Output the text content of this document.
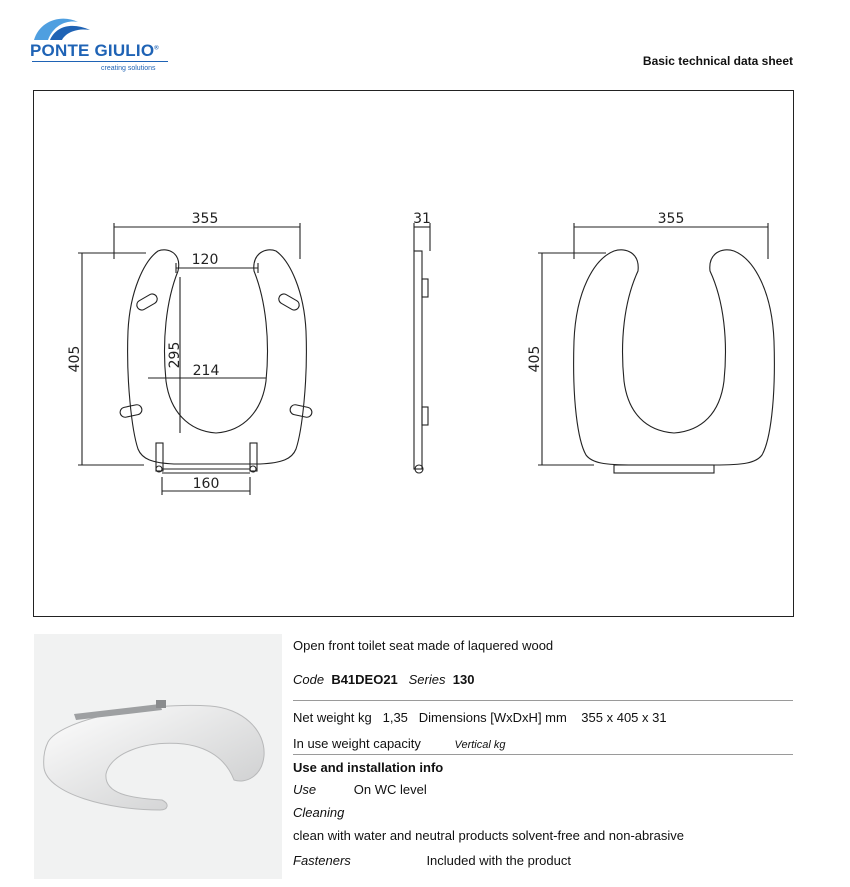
PONTE GIULIO®
creating solutions
Basic technical data sheet
355
120
295
214
405
160
31	355
405
Open front toilet seat made of laquered wood
Code B41DEO21 Series 130
Net weight kg 1,35 Dimensions [WxDxH] mm 355 x 405 x 31
In use weight capacity	Vertical kg
Use and installation info
Use	On WC level
Cleaning
clean with water and neutral products solvent-free and non-abrasive
Fasteners	Included with the product
